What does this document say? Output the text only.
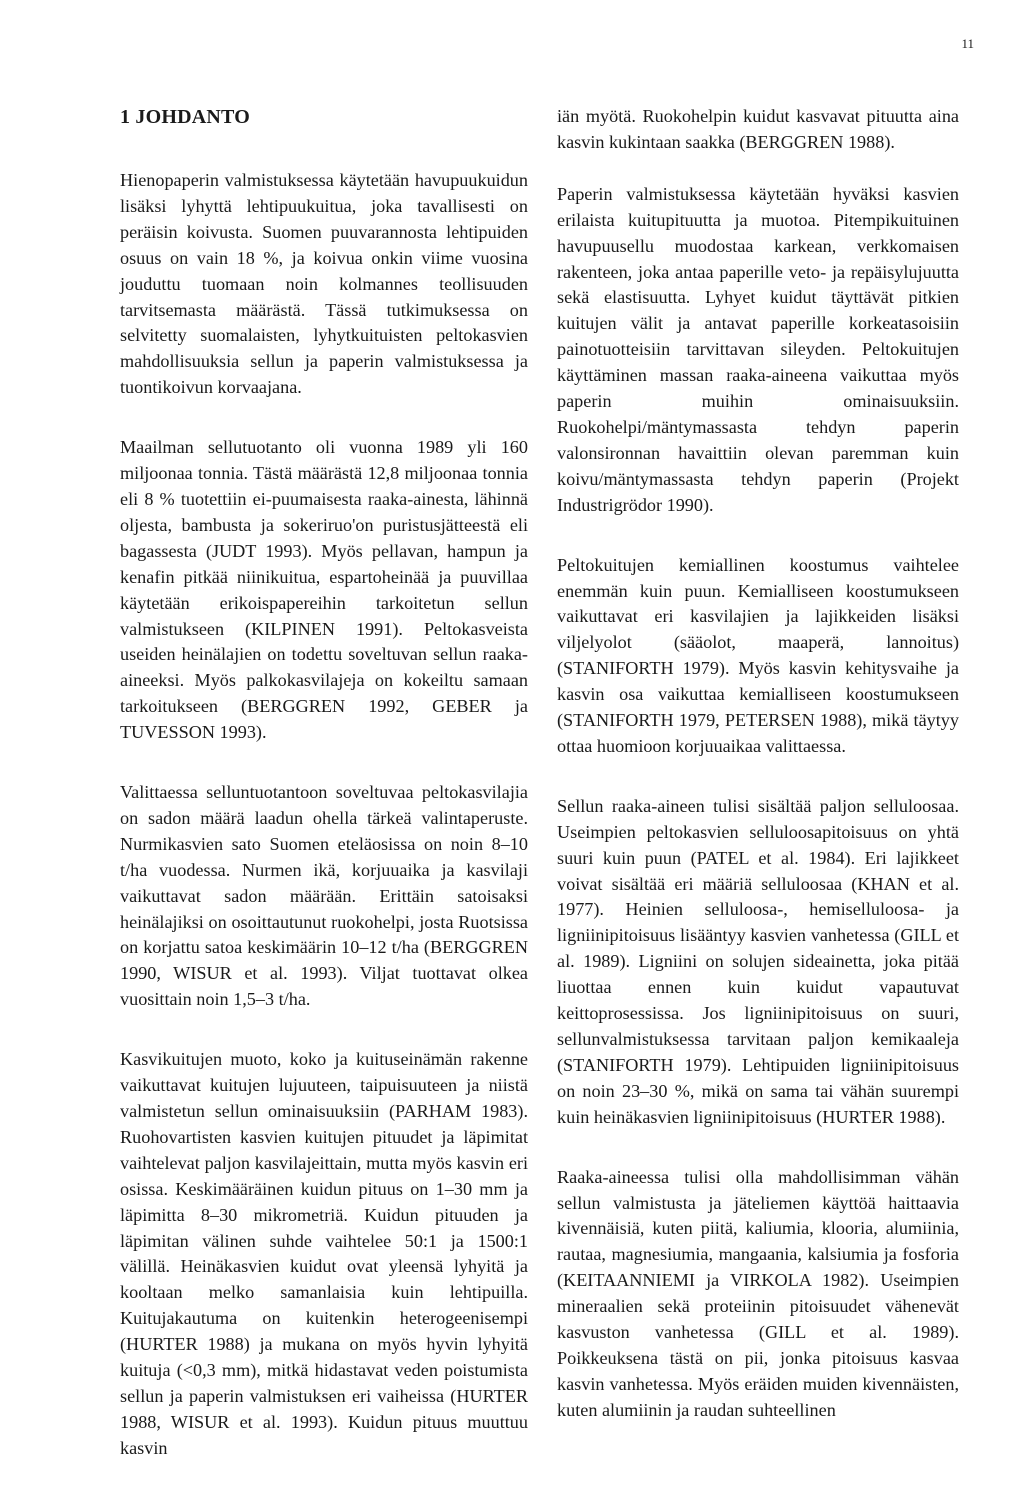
11
1 JOHDANTO

Hienopaperin valmistuksessa käytetään havupuukuidun lisäksi lyhyttä lehtipuukuitua, joka tavallisesti on peräisin koivusta. Suomen puuvarannosta lehtipuiden osuus on vain 18 %, ja koivua onkin viime vuosina jouduttu tuomaan noin kolmannes teollisuuden tarvitsemasta määrästä. Tässä tutkimuksessa on selvitetty suomalaisten, lyhytkuituisten peltokasvien mahdollisuuksia sellun ja paperin valmistuksessa ja tuontikoivun korvaajana.

Maailman sellutuotanto oli vuonna 1989 yli 160 miljoonaa tonnia. Tästä määrästä 12,8 miljoonaa tonnia eli 8 % tuotettiin ei-puumaisesta raaka-ainesta, lähinnä oljesta, bambusta ja sokeriruo'on puristusjätteestä eli bagassesta (JUDT 1993). Myös pellavan, hampun ja kenafin pitkää niinikuitua, espartoheinää ja puuvillaa käytetään erikoispapereihin tarkoitetun sellun valmistukseen (KILPINEN 1991). Peltokasveista useiden heinälajien on todettu soveltuvan sellun raaka-aineeksi. Myös palkokasvilajeja on kokeiltu samaan tarkoitukseen (BERGGREN 1992, GEBER ja TUVESSON 1993).

Valittaessa selluntuotantoon soveltuvaa peltokasvilajia on sadon määrä laadun ohella tärkeä valintaperuste. Nurmikasvien sato Suomen eteläosissa on noin 8–10 t/ha vuodessa. Nurmen ikä, korjuuaika ja kasvilaji vaikuttavat sadon määrään. Erittäin satoisaksi heinälajiksi on osoittautunut ruokohelpi, josta Ruotsissa on korjattu satoa keskimäärin 10–12 t/ha (BERGGREN 1990, WISUR et al. 1993). Viljat tuottavat olkea vuosittain noin 1,5–3 t/ha.

Kasvikuitujen muoto, koko ja kuituseinämän rakenne vaikuttavat kuitujen lujuuteen, taipuisuuteen ja niistä valmistetun sellun ominaisuuksiin (PARHAM 1983). Ruohovartisten kasvien kuitujen pituudet ja läpimitat vaihtelevat paljon kasvilajeittain, mutta myös kasvin eri osissa. Keskimääräinen kuidun pituus on 1–30 mm ja läpimitta 8–30 mikrometriä. Kuidun pituuden ja läpimitan välinen suhde vaihtelee 50:1 ja 1500:1 välillä. Heinäkasvien kuidut ovat yleensä lyhyitä ja kooltaan melko samanlaisia kuin lehtipuilla. Kuitujakautuma on kuitenkin heterogeenisempi (HURTER 1988) ja mukana on myös hyvin lyhyitä kuituja (<0,3 mm), mitkä hidastavat veden poistumista sellun ja paperin valmistuksen eri vaiheissa (HURTER 1988, WISUR et al. 1993). Kuidun pituus muuttuu kasvin

iän myötä. Ruokohelpin kuidut kasvavat pituutta aina kasvin kukintaan saakka (BERGGREN 1988).

Paperin valmistuksessa käytetään hyväksi kasvien erilaista kuitupituutta ja muotoa. Pitempikuituinen havupuusellu muodostaa karkean, verkkomaisen rakenteen, joka antaa paperille veto- ja repäisylujuutta sekä elastisuutta. Lyhyet kuidut täyttävät pitkien kuitujen välit ja antavat paperille korkeatasoisiin painotuotteisiin tarvittavan sileyden. Peltokuitujen käyttäminen massan raaka-aineena vaikuttaa myös paperin muihin ominaisuuksiin. Ruokohelpi/mäntymassasta tehdyn paperin valonsironnan havaittiin olevan paremman kuin koivu/mäntymassasta tehdyn paperin (Projekt Industrigrödor 1990).

Peltokuitujen kemiallinen koostumus vaihtelee enemmän kuin puun. Kemialliseen koostumukseen vaikuttavat eri kasvilajien ja lajikkeiden lisäksi viljelyolot (sääolot, maaperä, lannoitus) (STANIFORTH 1979). Myös kasvin kehitysvaihe ja kasvin osa vaikuttaa kemialliseen koostumukseen (STANIFORTH 1979, PETERSEN 1988), mikä täytyy ottaa huomioon korjuuaikaa valittaessa.

Sellun raaka-aineen tulisi sisältää paljon selluloosaa. Useimpien peltokasvien selluloosapitoisuus on yhtä suuri kuin puun (PATEL et al. 1984). Eri lajikkeet voivat sisältää eri määriä selluloosaa (KHAN et al. 1977). Heinien selluloosa-, hemiselluloosa- ja ligniinipitoisuus lisääntyy kasvien vanhetessa (GILL et al. 1989). Ligniini on solujen sideainetta, joka pitää liuottaa ennen kuin kuidut vapautuvat keittoprosessissa. Jos ligniinipitoisuus on suuri, sellunvalmistuksessa tarvitaan paljon kemikaaleja (STANIFORTH 1979). Lehtipuiden ligniinipitoisuus on noin 23–30 %, mikä on sama tai vähän suurempi kuin heinäkasvien ligniinipitoisuus (HURTER 1988).

Raaka-aineessa tulisi olla mahdollisimman vähän sellun valmistusta ja jäteliemen käyttöä haittaavia kivennäisiä, kuten piitä, kaliumia, klooria, alumiinia, rautaa, magnesiumia, mangaania, kalsiumia ja fosforia (KEITAANNIEMI ja VIRKOLA 1982). Useimpien mineraalien sekä proteiinin pitoisuudet vähenevät kasvuston vanhetessa (GILL et al. 1989). Poikkeuksena tästä on pii, jonka pitoisuus kasvaa kasvin vanhetessa. Myös eräiden muiden kivennäisten, kuten alumiinin ja raudan suhteellinen
